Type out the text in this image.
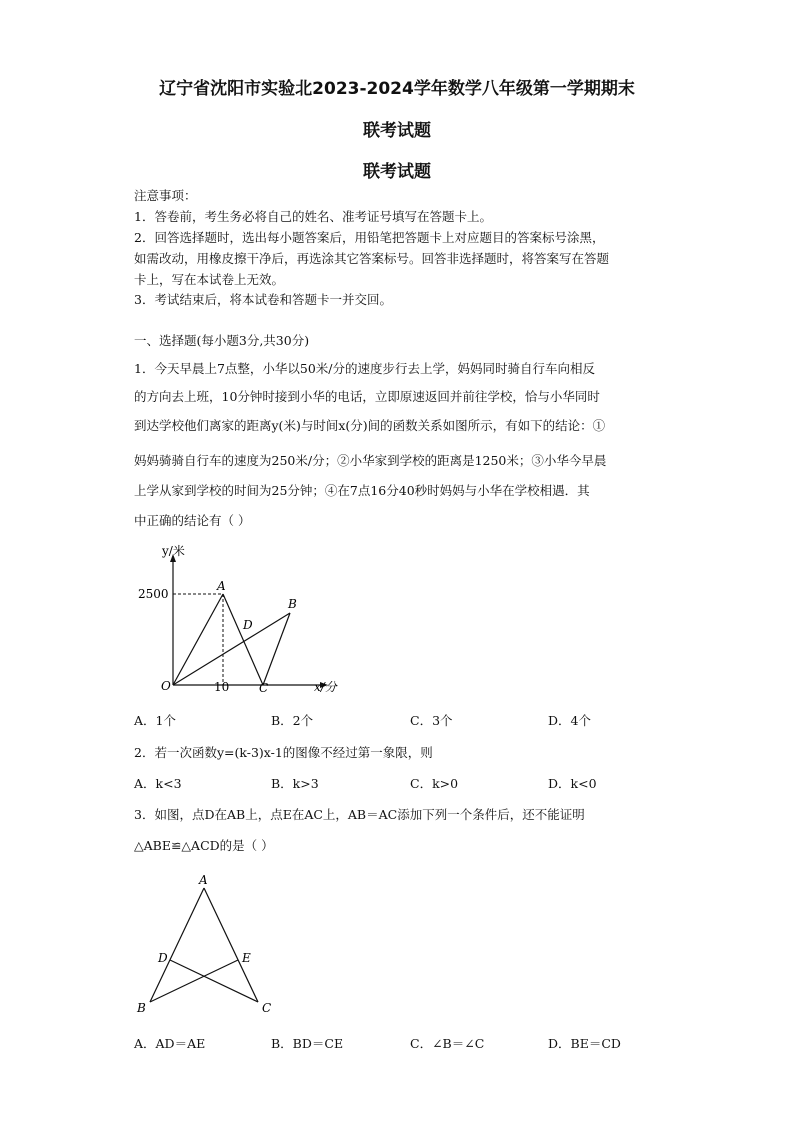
辽宁省沈阳市实验北2023-2024学年数学八年级第一学期期末
联考试题
联考试题
注意事项：
1．答卷前，考生务必将自己的姓名、准考证号填写在答题卡上。
2．回答选择题时，选出每小题答案后，用铅笔把答题卡上对应题目的答案标号涂黑，
如需改动，用橡皮擦干净后，再选涂其它答案标号。回答非选择题时，将答案写在答题
卡上，写在本试卷上无效。
3．考试结束后，将本试卷和答题卡一并交回。
一、选择题(每小题3分,共30分)
1．今天早晨上7点整，小华以50米/分的速度步行去上学，妈妈同时骑自行车向相反
的方向去上班，10分钟时接到小华的电话，立即原速返回并前往学校，恰与小华同时
到达学校他们离家的距离y(米)与时间x(分)间的函数关系如图所示，有如下的结论：①
妈妈骑骑自行车的速度为250米/分；②小华家到学校的距离是1250米；③小华今早晨
上学从家到学校的时间为25分钟；④在7点16分40秒时妈妈与小华在学校相遇．其
中正确的结论有（ ）
y/米
x/分
2500
10
O
A
B
C
D
A．1个	B．2个	C．3个	D．4个
2．若一次函数y=(k-3)x-1的图像不经过第一象限，则
A．k<3	B．k>3	C．k>0	D．k<0
3．如图，点D在AB上，点E在AC上，AB＝AC添加下列一个条件后，还不能证明
△ABE≌△ACD的是（ ）
A
B	C
D	E
A．AD＝AE	B．BD＝CE	C．∠B＝∠C	D．BE＝CD
